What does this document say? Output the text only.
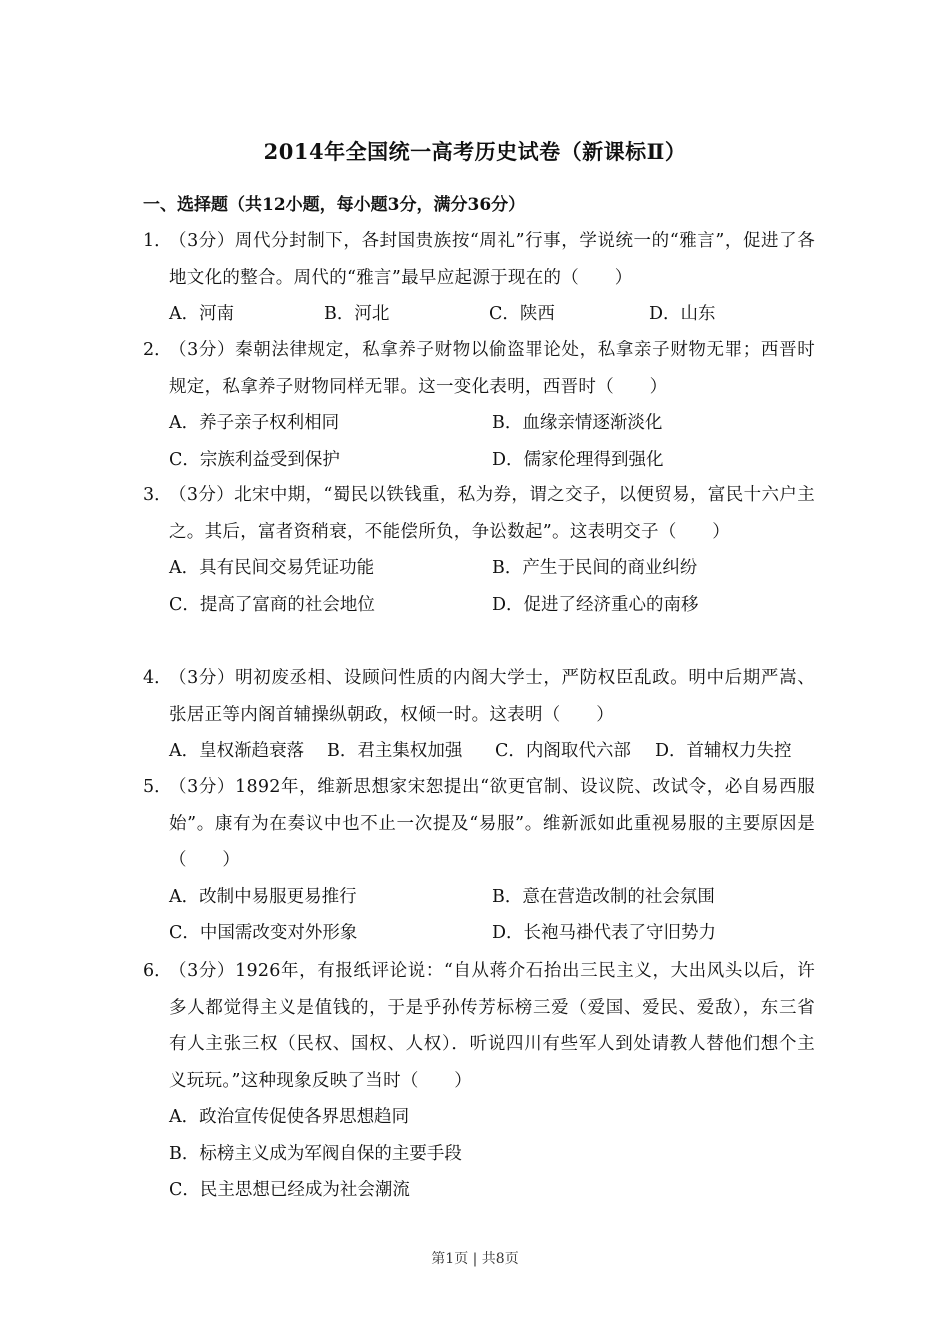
2014年全国统一高考历史试卷（新课标Ⅱ）
一、选择题（共12小题，每小题3分，满分36分）
1．
（3分）周代分封制下，各封国贵族按“周礼”行事，学说统一的“雅言”，促进了各地文化的整合。周代的“雅言”最早应起源于现在的（　　）
A．河南	B．河北	C．陕西	D．山东
2．
（3分）秦朝法律规定，私拿养子财物以偷盗罪论处，私拿亲子财物无罪；西晋时规定，私拿养子财物同样无罪。这一变化表明，西晋时（　　）
A．养子亲子权利相同	B．血缘亲情逐渐淡化
C．宗族利益受到保护	D．儒家伦理得到强化
3．
（3分）北宋中期，“蜀民以铁钱重，私为券，谓之交子，以便贸易，富民十六户主之。其后，富者资稍衰，不能偿所负，争讼数起”。这表明交子（　　）
A．具有民间交易凭证功能	B．产生于民间的商业纠纷
C．提高了富商的社会地位	D．促进了经济重心的南移
4．
（3分）明初废丞相、设顾问性质的内阁大学士，严防权臣乱政。明中后期严嵩、张居正等内阁首辅操纵朝政，权倾一时。这表明（　　）
A．皇权渐趋衰落	B．君主集权加强	C．内阁取代六部	D．首辅权力失控
5．
（3分）1892年，维新思想家宋恕提出“欲更官制、设议院、改试令，必自易西服始”。康有为在奏议中也不止一次提及“易服”。维新派如此重视易服的主要原因是（　　）
A．改制中易服更易推行	B．意在营造改制的社会氛围
C．中国需改变对外形象	D．长袍马褂代表了守旧势力
6．
（3分）1926年，有报纸评论说：“自从蒋介石抬出三民主义，大出风头以后，许多人都觉得主义是值钱的，于是乎孙传芳标榜三爱（爱国、爱民、爱敌），东三省有人主张三权（民权、国权、人权）．听说四川有些军人到处请教人替他们想个主义玩玩。”这种现象反映了当时（　　）
A．政治宣传促使各界思想趋同
B．标榜主义成为军阀自保的主要手段
C．民主思想已经成为社会潮流
第1页 | 共8页
